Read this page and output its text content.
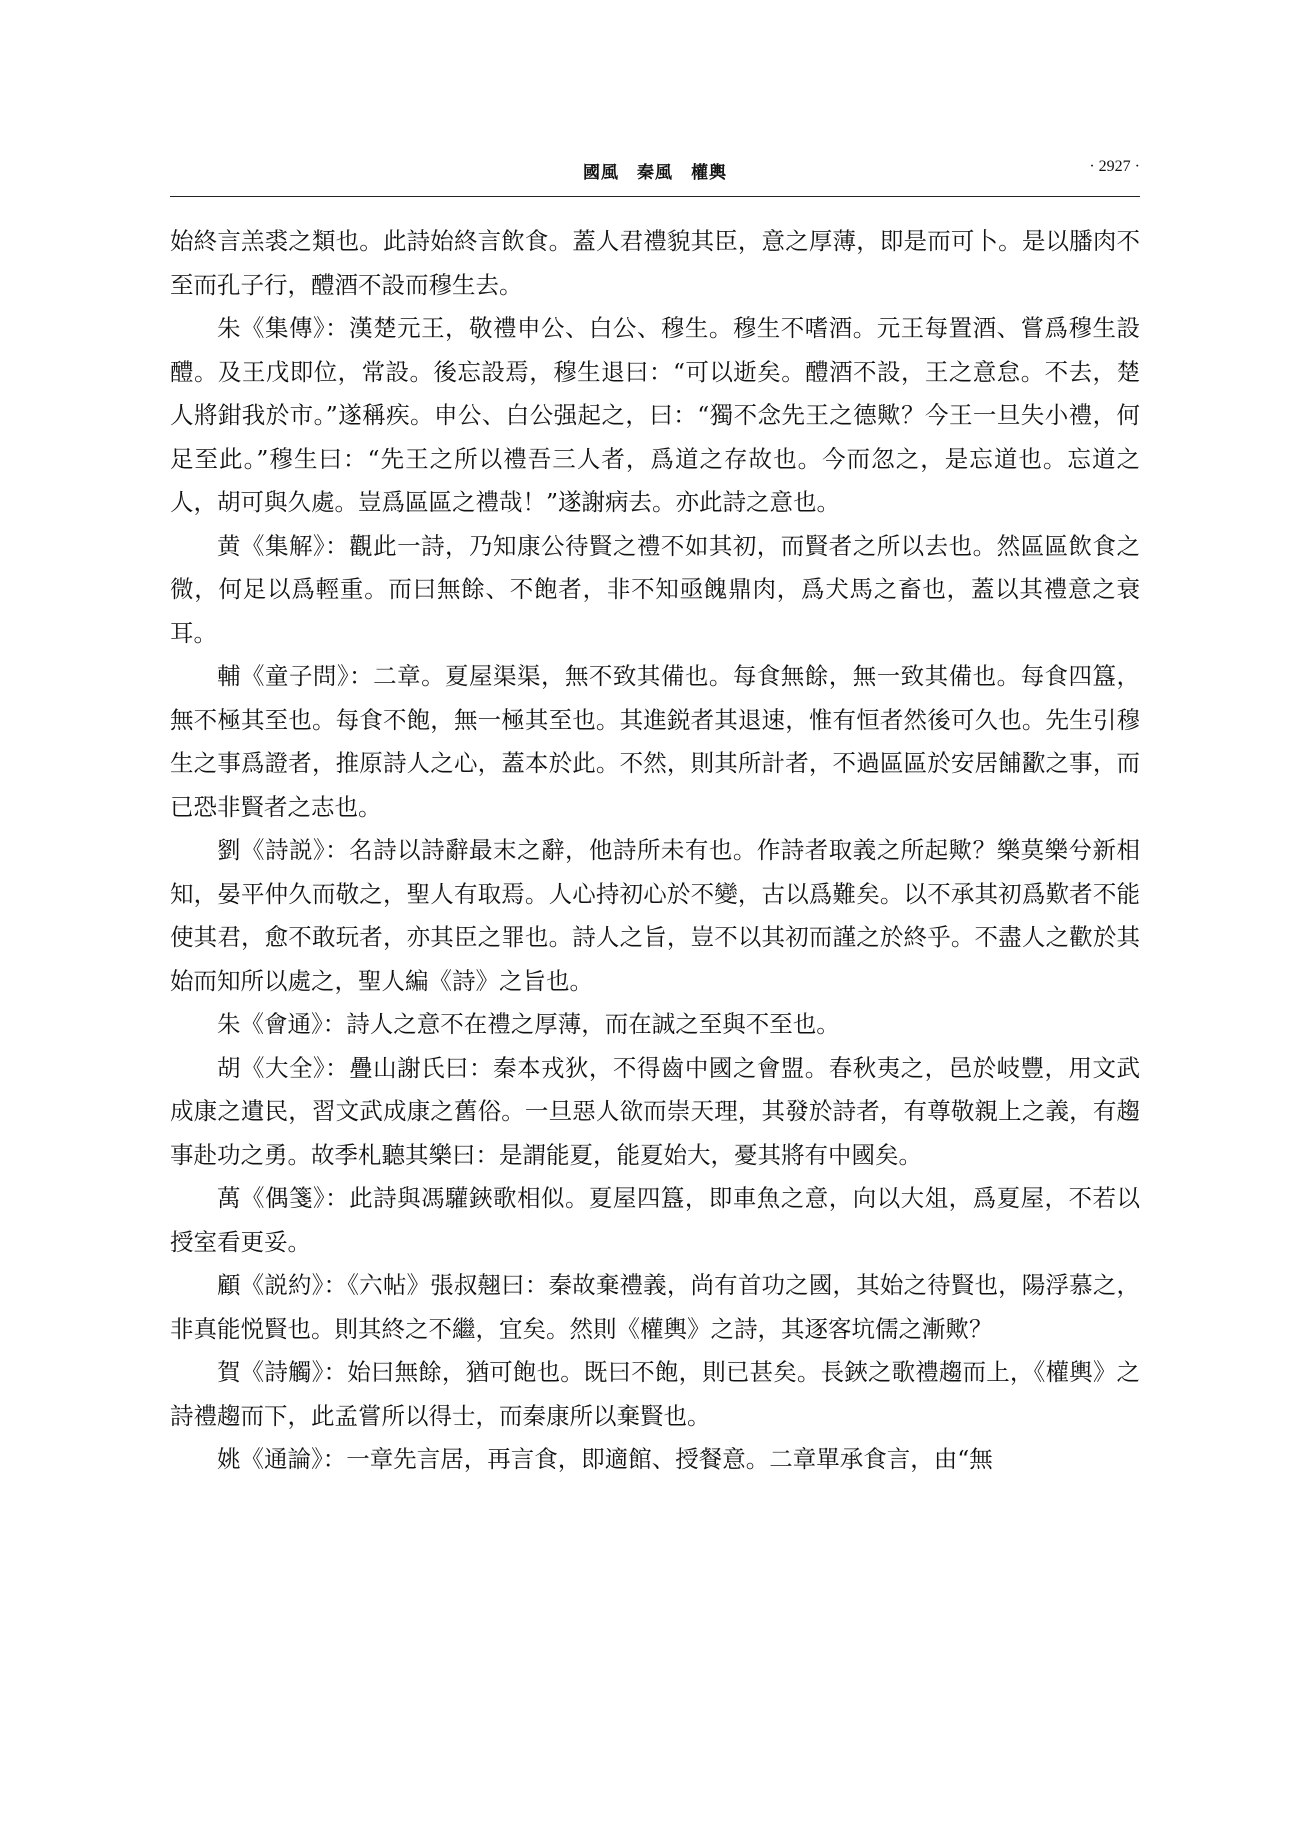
國風　秦風　權輿	· 2927 ·

始終言羔裘之類也。此詩始終言飲食。蓋人君禮貌其臣，意之厚薄，即是而可卜。是以膰肉不至而孔子行，醴酒不設而穆生去。

朱《集傳》：漢楚元王，敬禮申公、白公、穆生。穆生不嗜酒。元王每置酒、嘗爲穆生設醴。及王戊即位，常設。後忘設焉，穆生退曰：“可以逝矣。醴酒不設，王之意怠。不去，楚人將鉗我於市。”遂稱疾。申公、白公强起之，曰：“獨不念先王之德歟？今王一旦失小禮，何足至此。”穆生曰：“先王之所以禮吾三人者，爲道之存故也。今而忽之，是忘道也。忘道之人，胡可與久處。豈爲區區之禮哉！”遂謝病去。亦此詩之意也。

黄《集解》：觀此一詩，乃知康公待賢之禮不如其初，而賢者之所以去也。然區區飲食之微，何足以爲輕重。而曰無餘、不飽者，非不知亟餽鼎肉，爲犬馬之畜也，蓋以其禮意之衰耳。

輔《童子問》：二章。夏屋渠渠，無不致其備也。每食無餘，無一致其備也。每食四簋，無不極其至也。每食不飽，無一極其至也。其進鋭者其退速，惟有恒者然後可久也。先生引穆生之事爲證者，推原詩人之心，蓋本於此。不然，則其所計者，不過區區於安居餔歠之事，而已恐非賢者之志也。

劉《詩説》：名詩以詩辭最末之辭，他詩所未有也。作詩者取義之所起歟？樂莫樂兮新相知，晏平仲久而敬之，聖人有取焉。人心持初心於不變，古以爲難矣。以不承其初爲歎者不能使其君，愈不敢玩者，亦其臣之罪也。詩人之旨，豈不以其初而謹之於終乎。不盡人之歡於其始而知所以處之，聖人編《詩》之旨也。

朱《會通》：詩人之意不在禮之厚薄，而在誠之至與不至也。

胡《大全》：疊山謝氏曰：秦本戎狄，不得齒中國之會盟。春秋夷之，邑於岐豐，用文武成康之遺民，習文武成康之舊俗。一旦惡人欲而崇天理，其發於詩者，有尊敬親上之義，有趨事赴功之勇。故季札聽其樂曰：是謂能夏，能夏始大，憂其將有中國矣。

萬《偶箋》：此詩與馮驩鋏歌相似。夏屋四簋，即車魚之意，向以大俎，爲夏屋，不若以授室看更妥。

顧《説約》：《六帖》張叔翹曰：秦故棄禮義，尚有首功之國，其始之待賢也，陽浮慕之，非真能悦賢也。則其終之不繼，宜矣。然則《權輿》之詩，其逐客坑儒之漸歟？

賀《詩觸》：始曰無餘，猶可飽也。既曰不飽，則已甚矣。長鋏之歌禮趨而上，《權輿》之詩禮趨而下，此孟嘗所以得士，而秦康所以棄賢也。

姚《通論》：一章先言居，再言食，即適館、授餐意。二章單承食言，由“無
